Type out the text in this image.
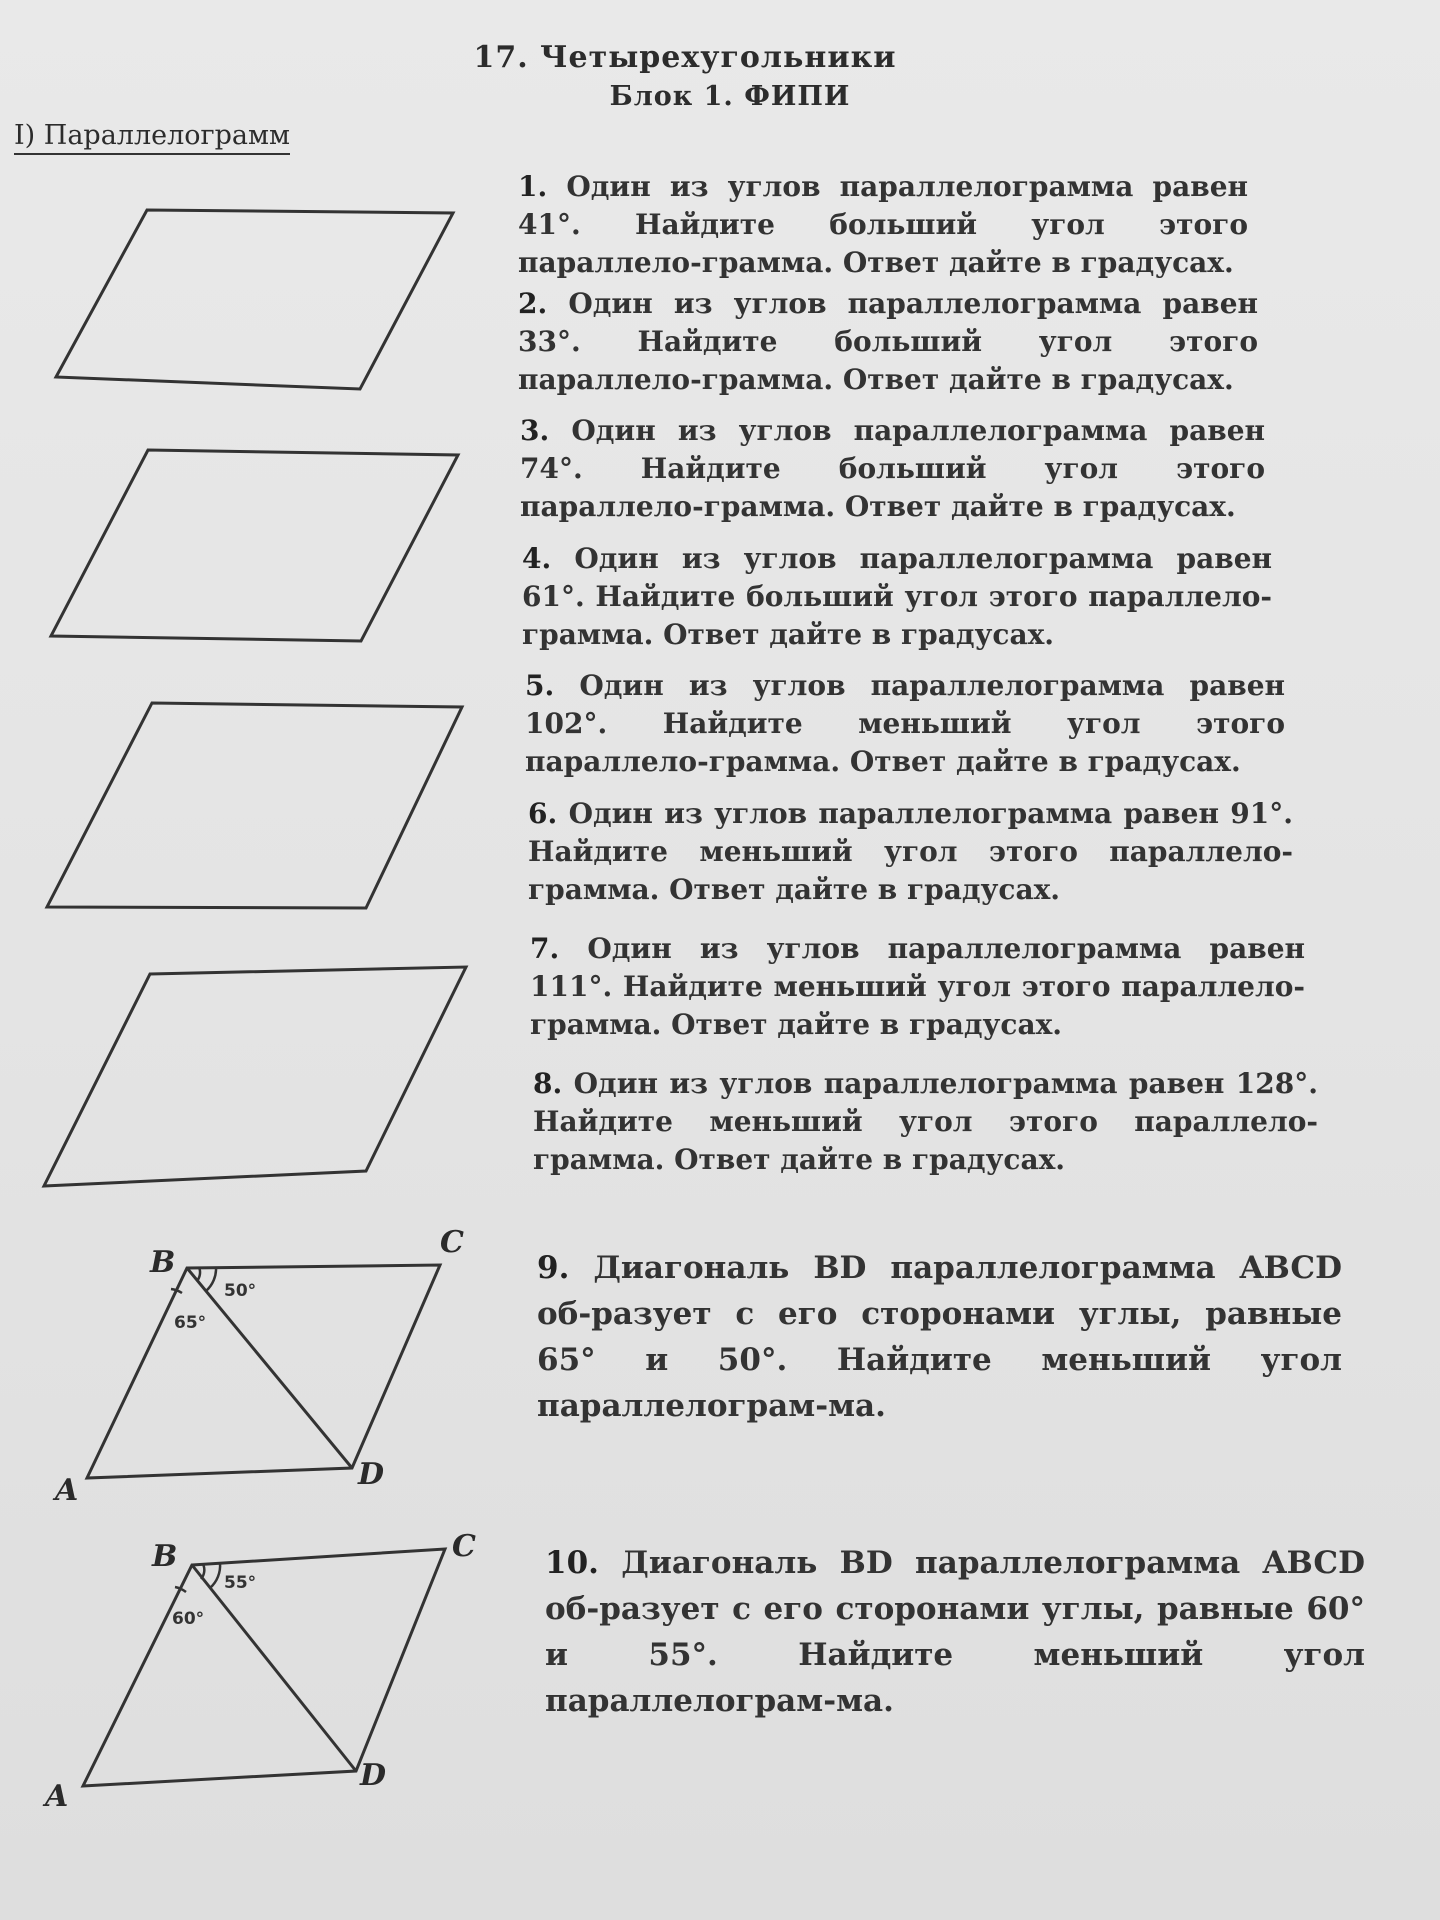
17. Четырехугольники
Блок 1. ФИПИ
I) Параллелограмм
B
C
A	D
B	C
A
D
50°
65°
55°
60°
1. Один из углов параллелограмма равен 41°. Найдите больший угол этого параллело-грамма. Ответ дайте в градусах.
2. Один из углов параллелограмма равен 33°. Найдите больший угол этого параллело-грамма. Ответ дайте в градусах.
3. Один из углов параллелограмма равен 74°. Найдите больший угол этого параллело-грамма. Ответ дайте в градусах.
4. Один из углов параллелограмма равен 61°. Найдите больший угол этого параллело-грамма. Ответ дайте в градусах.
5. Один из углов параллелограмма равен 102°. Найдите меньший угол этого параллело-грамма. Ответ дайте в градусах.
6. Один из углов параллелограмма равен 91°. Найдите меньший угол этого параллело-грамма. Ответ дайте в градусах.
7. Один из углов параллелограмма равен 111°. Найдите меньший угол этого параллело-грамма. Ответ дайте в градусах.
8. Один из углов параллелограмма равен 128°. Найдите меньший угол этого параллело-грамма. Ответ дайте в градусах.
9. Диагональ BD параллелограмма ABCD об-разует с его сторонами углы, равные 65° и 50°. Найдите меньший угол параллелограм-ма.
10. Диагональ BD параллелограмма ABCD об-разует с его сторонами углы, равные 60° и 55°. Найдите меньший угол параллелограм-ма.
